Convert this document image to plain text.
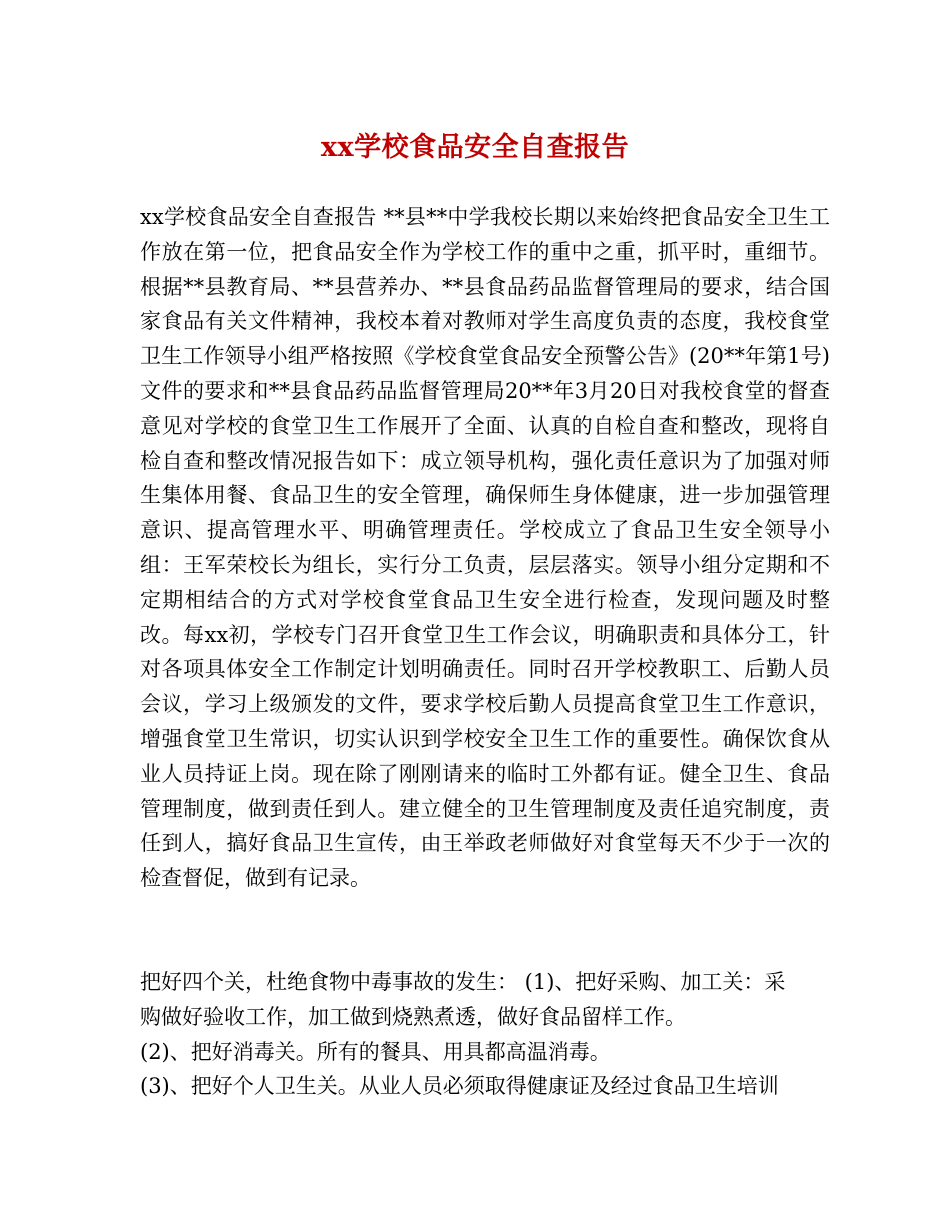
xx学校食品安全自查报告
xx学校食品安全自查报告 **县**中学我校长期以来始终把食品安全卫生工作放在第一位，把食品安全作为学校工作的重中之重，抓平时，重细节。根据**县教育局、**县营养办、**县食品药品监督管理局的要求，结合国家食品有关文件精神，我校本着对教师对学生高度负责的态度，我校食堂卫生工作领导小组严格按照《学校食堂食品安全预警公告》(20**年第1号)文件的要求和**县食品药品监督管理局20**年3月20日对我校食堂的督查意见对学校的食堂卫生工作展开了全面、认真的自检自查和整改，现将自检自查和整改情况报告如下：成立领导机构，强化责任意识为了加强对师生集体用餐、食品卫生的安全管理，确保师生身体健康，进一步加强管理意识、提高管理水平、明确管理责任。学校成立了食品卫生安全领导小组：王军荣校长为组长，实行分工负责，层层落实。领导小组分定期和不定期相结合的方式对学校食堂食品卫生安全进行检查，发现问题及时整改。每xx初，学校专门召开食堂卫生工作会议，明确职责和具体分工，针对各项具体安全工作制定计划明确责任。同时召开学校教职工、后勤人员会议，学习上级颁发的文件，要求学校后勤人员提高食堂卫生工作意识，增强食堂卫生常识，切实认识到学校安全卫生工作的重要性。确保饮食从业人员持证上岗。现在除了刚刚请来的临时工外都有证。健全卫生、食品管理制度，做到责任到人。建立健全的卫生管理制度及责任追究制度，责任到人，搞好食品卫生宣传，由王举政老师做好对食堂每天不少于一次的检查督促，做到有记录。
把好四个关，杜绝食物中毒事故的发生： (1)、把好采购、加工关：采
购做好验收工作，加工做到烧熟煮透，做好食品留样工作。
(2)、把好消毒关。所有的餐具、用具都高温消毒。
(3)、把好个人卫生关。从业人员必须取得健康证及经过食品卫生培训
